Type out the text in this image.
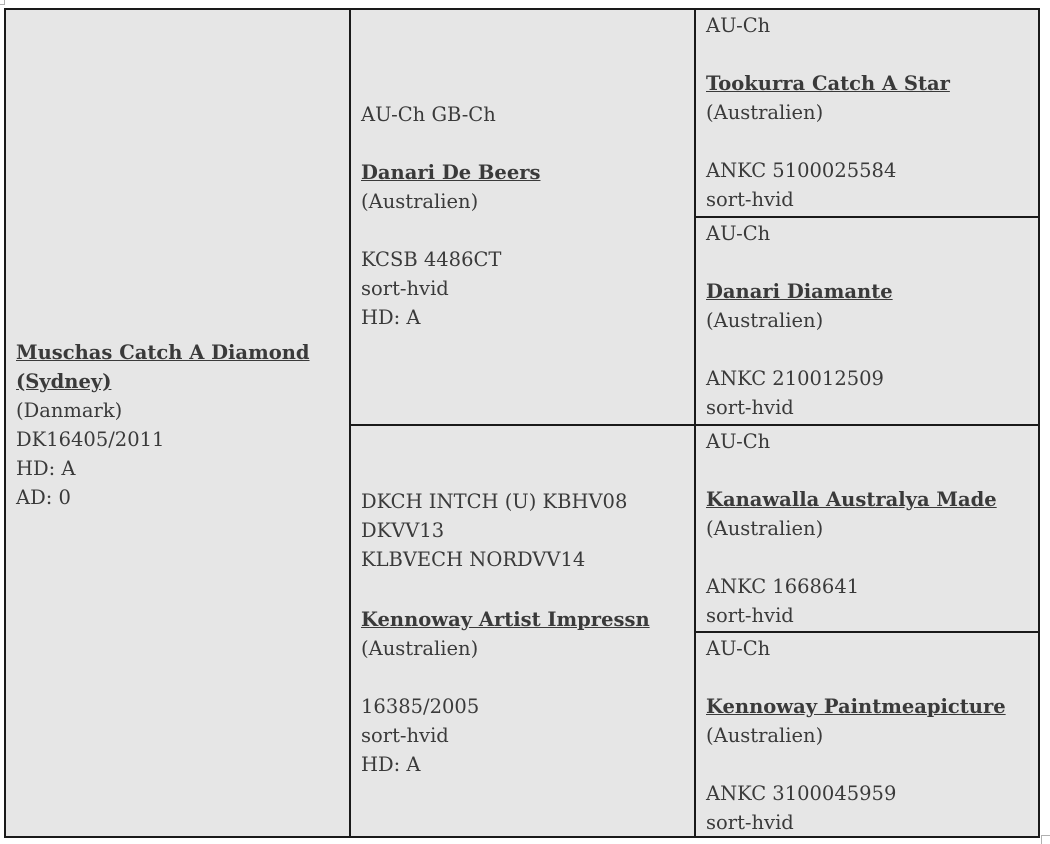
Muschas Catch A Diamond
(Sydney)
(Danmark)
DK16405/2011
HD: A
AD: 0
AU-Ch GB-Ch
Danari De Beers
(Australien)
KCSB 4486CT
sort-hvid
HD: A
DKCH INTCH (U) KBHV08
DKVV13
KLBVECH NORDVV14
Kennoway Artist Impressn
(Australien)
16385/2005
sort-hvid
HD: A
AU-Ch
Tookurra Catch A Star
(Australien)
ANKC 5100025584
sort-hvid
AU-Ch
Danari Diamante
(Australien)
ANKC 210012509
sort-hvid
AU-Ch
Kanawalla Australya Made
(Australien)
ANKC 1668641
sort-hvid
AU-Ch
Kennoway Paintmeapicture
(Australien)
ANKC 3100045959
sort-hvid
